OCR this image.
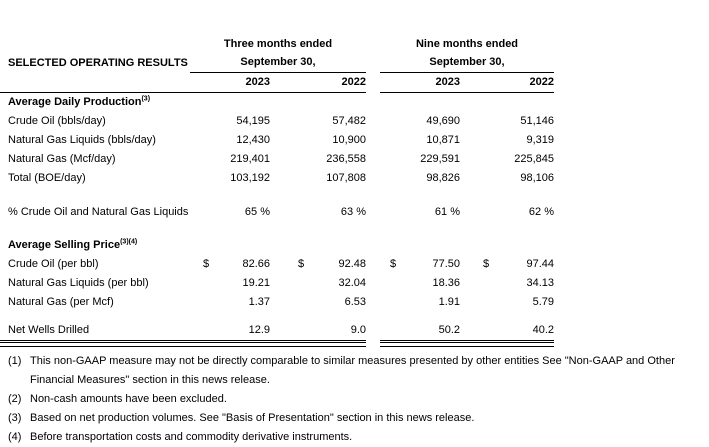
	Three months ended					Nine months ended			
SELECTED OPERATING RESULTS	September 30,					September 30,			
	2023		2022			2023		2022	
Average Daily Production$^{(3)}$
Crude Oil (bbls/day)		54,195		57,482			49,690		51,146
Natural Gas Liquids (bbls/day)		12,430		10,900			10,871		9,319
Natural Gas (Mcf/day)		219,401		236,558			229,591		225,845
Total (BOE/day)		103,192		107,808			98,826		98,106

% Crude Oil and Natural Gas Liquids		65 %		63 %			61 %		62 %

Average Selling Price$^{(3)(4)}$
Crude Oil (per bbl)	$	82.66	$	92.48		$	77.50	$	97.44
Natural Gas Liquids (per bbl)		19.21		32.04			18.36		34.13
Natural Gas (per Mcf)		1.37		6.53			1.91		5.79

Net Wells Drilled		12.9		9.0			50.2		40.2

(1) This non-GAAP measure may not be directly comparable to similar measures presented by other entities See "Non-GAAP and Other Financial Measures" section in this news release.
(2) Non-cash amounts have been excluded.
(3) Based on net production volumes. See "Basis of Presentation" section in this news release.
(4) Before transportation costs and commodity derivative instruments.
